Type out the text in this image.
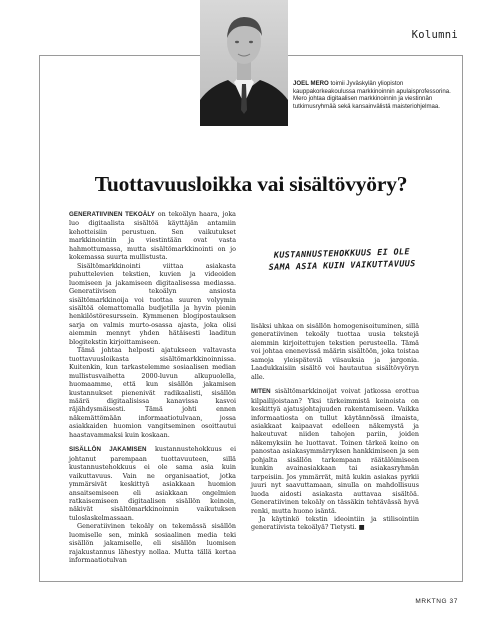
Kolumni
JOEL MERO toimii Jyväskylän yliopiston kauppakorkeakoulussa markkinoinnin apulaisprofessorina. Mero johtaa digitaalisen markkinoinnin ja viestinnän tutkimusryhmää sekä kansainvälistä maisteriohjelmaa.
Tuottavuusloikka vai sisältövyöry?

GENERATIIVINEN TEKOÄLY on tekoälyn haara, joka luo digitaalista sisältöä käyttäjän antamiin kehotteisiin perustuen. Sen vaikutukset markkinointiin ja viestintään ovat vasta hahmottumassa, mutta sisältömarkkinointi on jo kokemassa suurta mullistusta.

Sisältömarkkinointi viittaa asiakasta puhuttelevien tekstien, kuvien ja videoiden luomiseen ja jakamiseen digitaalisessa mediassa. Generatiivisen tekoälyn ansiosta sisältömarkkinoija voi tuottaa suuren volyymin sisältöä olemattomalla budjetilla ja hyvin pienin henkilöstöresurssein. Kymmenen blogipostauksen sarja on valmis murto-osassa ajasta, joka olisi aiemmin mennyt yhden hätäisesti laaditun blogitekstin kirjoittamiseen.

Tämä johtaa helposti ajatukseen valtavasta tuottavuusloikasta sisältömarkkinoinnissa. Kuitenkin, kun tarkastelemme sosiaalisen median mullistusvaihetta 2000-luvun alkupuolella, huomaamme, että kun sisällön jakamisen kustannukset pienenivät radikaalisti, sisällön määrä digitaalisissa kanavissa kasvoi räjähdysmäisesti. Tämä johti ennen näkemättömään informaatiotulvaan, jossa asiakkaiden huomion vangitseminen osoittautui haastavammaksi kuin koskaan.

SISÄLLÖN JAKAMISEN kustannustehokkuus ei johtanut parempaan tuottavuuteen, sillä kustannustehokkuus ei ole sama asia kuin vaikuttavuus. Vain ne organisaatiot, jotka ymmärsivät keskittyä asiakkaan huomion ansaitsemiseen eli asiakkaan ongelmien ratkaisemiseen digitaalisen sisällön keinoin, näkivät sisältömarkkinoinnin vaikutuksen tuloslaskelmassaan.

Generatiivinen tekoäly on tekemässä sisällön luomiselle sen, minkä sosiaalinen media teki sisällön jakamiselle, eli sisällön luomisen rajakustannus lähestyy nollaa. Mutta tällä kertaa informaatiotulvan

KUSTANNUSTEHOKKUUS EI OLE SAMA ASIA KUIN VAIKUTTAVUUS

lisäksi uhkaa on sisällön homogenisoituminen, sillä generatiivinen tekoäly tuottaa uusia tekstejä aiemmin kirjoitettujen tekstien perusteella. Tämä voi johtaa enenevissä määrin sisältöön, joka toistaa samoja yleispäteviä viisauksia ja jargonia. Laadukkaisiin sisältö voi hautautua sisältövyöryn alle.

MITEN sisältömarkkinoijat voivat jatkossa erottua kilpailijoistaan? Yksi tärkeimmistä keinoista on keskittyä ajatusjohtajuuden rakentamiseen. Vaikka informaatiosta on tullut käytännössä ilmaista, asiakkaat kaipaavat edelleen näkemystä ja hakeutuvat niiden tahojen pariin, joiden näkemyksiin he luottavat. Toinen tärkeä keino on panostaa asiakasymmärryksen hankkimiseen ja sen pohjalta sisällön tarkempaan räätälöimiseen kunkin avainasiakkaan tai asiakasryhmän tarpeisiin. Jos ymmärrät, mitä kukin asiakas pyrkii juuri nyt saavuttamaan, sinulla on mahdollisuus luoda aidosti asiakasta auttavaa sisältöä. Generatiivinen tekoäly on tässäkin tehtävässä hyvä renki, mutta huono isäntä.

Ja käytinkö tekstin ideointiin ja stilisointiin generatiivista tekoälyä? Tietysti. ■

MRKTNG 37
